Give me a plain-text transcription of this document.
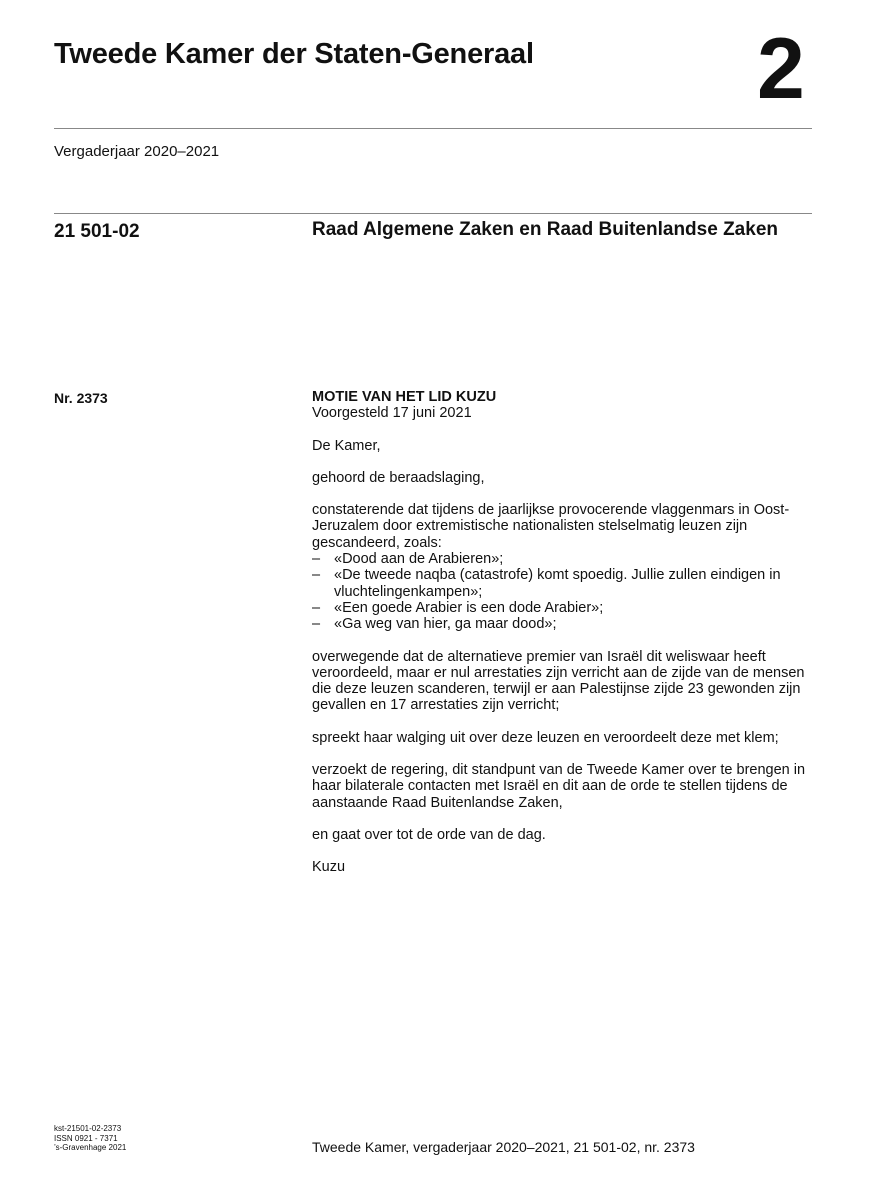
Tweede Kamer der Staten-Generaal	2
Vergaderjaar 2020–2021
21 501-02	Raad Algemene Zaken en Raad Buitenlandse Zaken
Nr. 2373	MOTIE VAN HET LID KUZU

Voorgesteld 17 juni 2021

De Kamer,

gehoord de beraadslaging,

constaterende dat tijdens de jaarlijkse provocerende vlaggenmars in Oost-Jeruzalem door extremistische nationalisten stelselmatig leuzen zijn gescandeerd, zoals:

– «Dood aan de Arabieren»;
– «De tweede naqba (catastrofe) komt spoedig. Jullie zullen eindigen in vluchtelingenkampen»;
– «Een goede Arabier is een dode Arabier»;
– «Ga weg van hier, ga maar dood»;

overwegende dat de alternatieve premier van Israël dit weliswaar heeft veroordeeld, maar er nul arrestaties zijn verricht aan de zijde van de mensen die deze leuzen scanderen, terwijl er aan Palestijnse zijde 23 gewonden zijn gevallen en 17 arrestaties zijn verricht;

spreekt haar walging uit over deze leuzen en veroordeelt deze met klem;

verzoekt de regering, dit standpunt van de Tweede Kamer over te brengen in haar bilaterale contacten met Israël en dit aan de orde te stellen tijdens de aanstaande Raad Buitenlandse Zaken,

en gaat over tot de orde van de dag.

Kuzu

kst-21501-02-2373
ISSN 0921 - 7371
’s-Gravenhage 2021	Tweede Kamer, vergaderjaar 2020–2021, 21 501-02, nr. 2373
